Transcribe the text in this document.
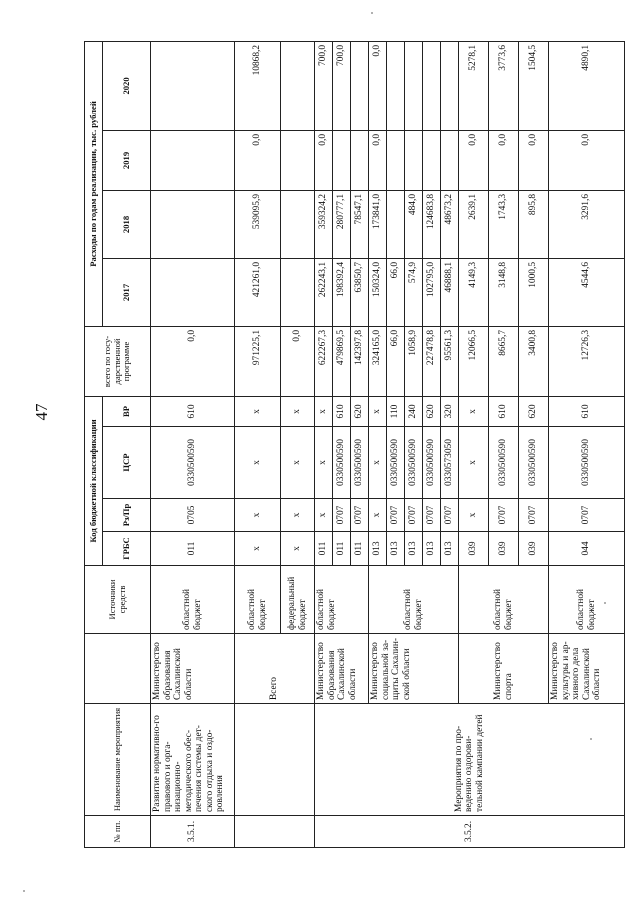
47
№ пп.	Наименование мероприятия		Источники средств	Код бюджетной классификации				всего по госу-дарственной программе	Расходы по годам реализации, тыс. рублей			
				ГРБС	Рз/Пр	ЦСР	ВР		2017	2018	2019	2020
3.5.1.	Развитие нормативно-го правового и орга-низационно-методического обес-печения системы дет-ского отдыха и оздо-ровления	Министерство образования Сахалинской области	областной бюджет	011	0705	0330500590	610	0,0				
		Всего	областной бюджет	x	x	x	x	971225,1	421261,0	539095,9	0,0	10868,2
			федеральный бюджет	x	x	x	x	0,0				
3.5.2.	Мероприятия по про-ведению оздорови-тельной кампании детей	Министерство образования Сахалинской области	областной бюджет	011	x	x	x	622267,3	262243,1	359324,2	0,0	700,0
				011	0707	0330500590	610	479869,5	198392,4	280777,1		700,0
				011	0707	0330500590	620	142397,8	63850,7	78547,1		
		Министерство социальной за-щиты Сахалин-ской области	областной бюджет	013	x	x	x	324165,0	150324,0	173841,0	0,0	0,0
				013	0707	0330500590	110	66,0	66,0			
				013	0707	0330500590	240	1058,9	574,9	484,0		
				013	0707	0330500590	620	227478,8	102795,0	124683,8		
				013	0707	0330573050	320	95561,3	46888,1	48673,2		
		Министерство спорта	областной бюджет	039	x	x	x	12066,5	4149,3	2639,1	0,0	5278,1
				039	0707	0330500590	610	8665,7	3148,8	1743,3	0,0	3773,6
				039	0707	0330500590	620	3400,8	1000,5	895,8	0,0	1504,5
		Министерство культуры и ар-хивного дела Сахалинской области	областной бюджет	044	0707	0330500590	610	12726,3	4544,6	3291,6	0,0	4890,1
